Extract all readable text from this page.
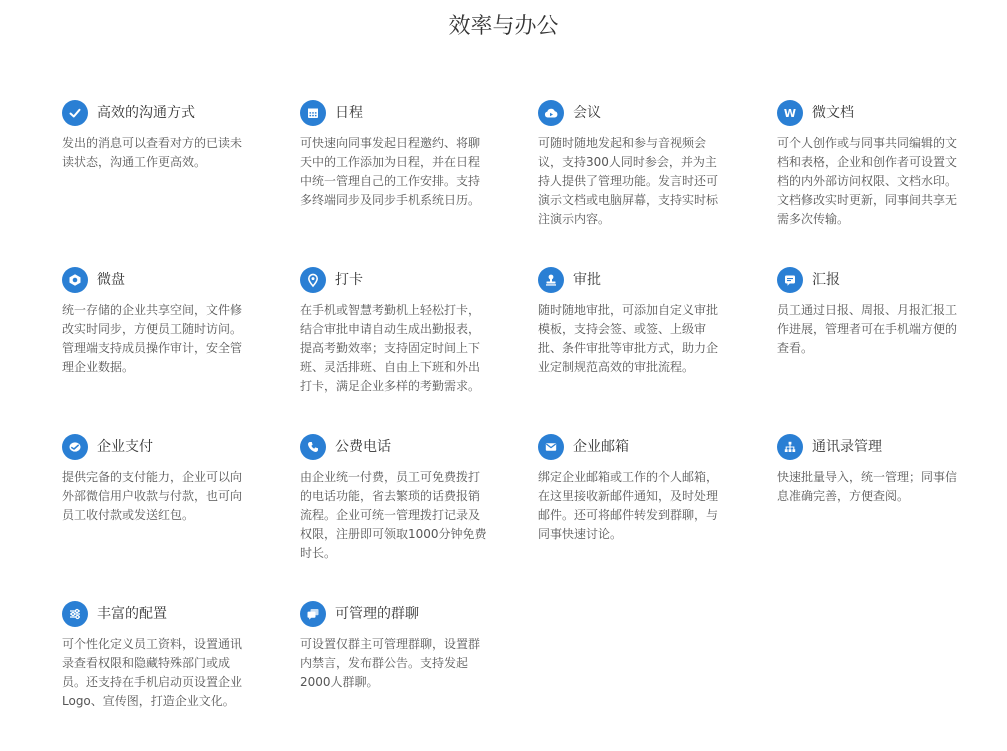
效率与办公
高效的沟通方式
发出的消息可以查看对方的已读未
读状态，沟通工作更高效。
日程
可快速向同事发起日程邀约、将聊
天中的工作添加为日程，并在日程
中统一管理自己的工作安排。支持
多终端同步及同步手机系统日历。
会议
可随时随地发起和参与音视频会
议，支持300人同时参会，并为主
持人提供了管理功能。发言时还可
演示文档或电脑屏幕，支持实时标
注演示内容。
W 微文档
可个人创作或与同事共同编辑的文
档和表格，企业和创作者可设置文
档的内外部访问权限、文档水印。
文档修改实时更新，同事间共享无
需多次传输。
微盘
统一存储的企业共享空间，文件修
改实时同步，方便员工随时访问。
管理端支持成员操作审计，安全管
理企业数据。
打卡
在手机或智慧考勤机上轻松打卡，
结合审批申请自动生成出勤报表，
提高考勤效率；支持固定时间上下
班、灵活排班、自由上下班和外出
打卡，满足企业多样的考勤需求。
审批
随时随地审批，可添加自定义审批
模板，支持会签、或签、上级审
批、条件审批等审批方式，助力企
业定制规范高效的审批流程。
汇报
员工通过日报、周报、月报汇报工
作进展，管理者可在手机端方便的
查看。
企业支付
提供完备的支付能力，企业可以向
外部微信用户收款与付款，也可向
员工收付款或发送红包。
公费电话
由企业统一付费，员工可免费拨打
的电话功能，省去繁琐的话费报销
流程。企业可统一管理拨打记录及
权限，注册即可领取1000分钟免费
时长。
企业邮箱
绑定企业邮箱或工作的个人邮箱，
在这里接收新邮件通知，及时处理
邮件。还可将邮件转发到群聊，与
同事快速讨论。
通讯录管理
快速批量导入，统一管理；同事信
息准确完善，方便查阅。
丰富的配置
可个性化定义员工资料，设置通讯
录查看权限和隐藏特殊部门或成
员。还支持在手机启动页设置企业
Logo、宣传图，打造企业文化。
可管理的群聊
可设置仅群主可管理群聊，设置群
内禁言，发布群公告。支持发起
2000人群聊。
